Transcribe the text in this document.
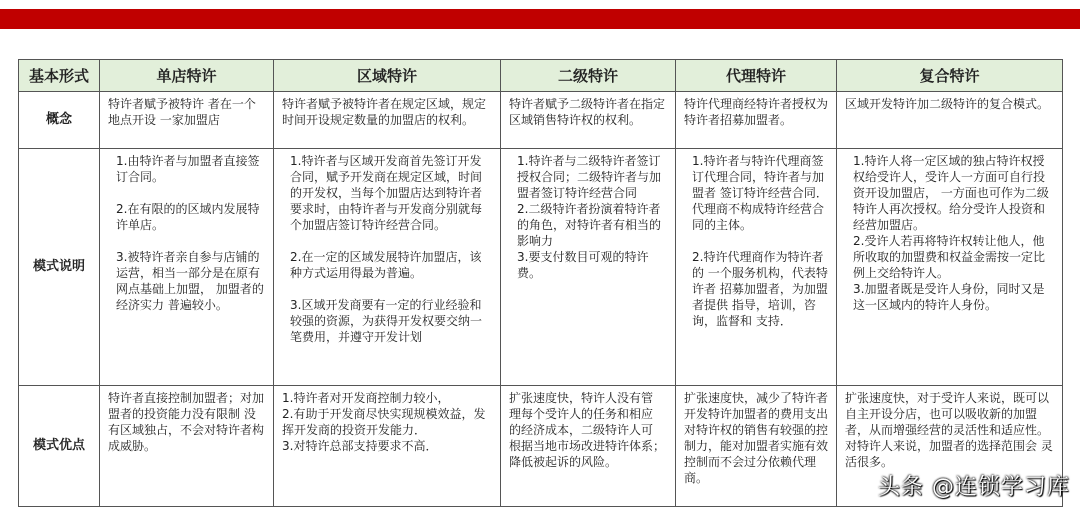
基本形式	单店特许	区域特许	二级特许	代理特许	复合特许
概念	特许者赋予被特许 者在一个地点开设 一家加盟店	特许者赋予被特许者在规定区域，规定时间开设规定数量的加盟店的权利。	特许者赋予二级特许者在指定区域销售特许权的权利。	特许代理商经特许者授权为特许者招募加盟者。	区域开发特许加二级特许的复合模式。
模式说明	1.由特许者与加盟者直接签订合同。

2.在有限的的区域内发展特许单店。

3.被特许者亲自参与店铺的运营，相当一部分是在原有网点基础上加盟， 加盟者的经济实力 普遍较小。	1.特许者与区域开发商首先签订开发合同，赋予开发商在规定区域，时间的开发权，当每个加盟店达到特许者要求时，由特许者与开发商分别就每个加盟店签订特许经营合同。

2.在一定的区域发展特许加盟店，该种方式运用得最为普遍。

3.区域开发商要有一定的行业经验和较强的资源，为获得开发权要交纳一笔费用，并遵守开发计划	1.特许者与二级特许者签订授权合同；二级特许者与加盟者签订特许经营合同
2.二级特许者扮演着特许者 的角色，对特许者有相当的影响力
3.要支付数目可观的特许费。	1.特许者与特许代理商签订代理合同，特许者与加盟者 签订特许经营合同．代理商不构成特许经营合同的主体。

2.特许代理商作为特许者的 一个服务机构，代表特许者 招募加盟者，为加盟者提供 指导，培训，咨询，监督和 支持．	1.特许人将一定区域的独占特许权授权给受许人，受许人一方面可自行投资开设加盟店， 一方面也可作为二级特许人再次授权。给分受许人投资和经营加盟店。
2.受许人若再将特许权转让他人，他所收取的加盟费和权益金需按一定比例上交给特许人。
3.加盟者既是受许人身份，同时又是这一区域内的特许人身份。
模式优点	特许者直接控制加盟者；对加盟者的投资能力没有限制 没有区域独占，不会对特许者构成威胁。	1.特许者对开发商控制力较小，
2.有助于开发商尽快实现规模效益，发挥开发商的投资开发能力．
3.对特许总部支持要求不高．	扩张速度快，特许人没有管 理每个受许人的任务和相应 的经济成本，二级特许人可 根据当地市场改进特许体系；降低被起诉的风险。	扩张速度快，减少了特许者 开发特许加盟者的费用支出 对特许权的销售有较强的控 制力，能对加盟者实施有效 控制而不会过分依赖代理商。	扩张速度快，对于受许人来说，既可以自主开设分店，也可以吸收新的加盟者，从而增强经营的灵活性和适应性。对特许人来说，加盟者的选择范围会 灵活很多。
头条 @连锁学习库
